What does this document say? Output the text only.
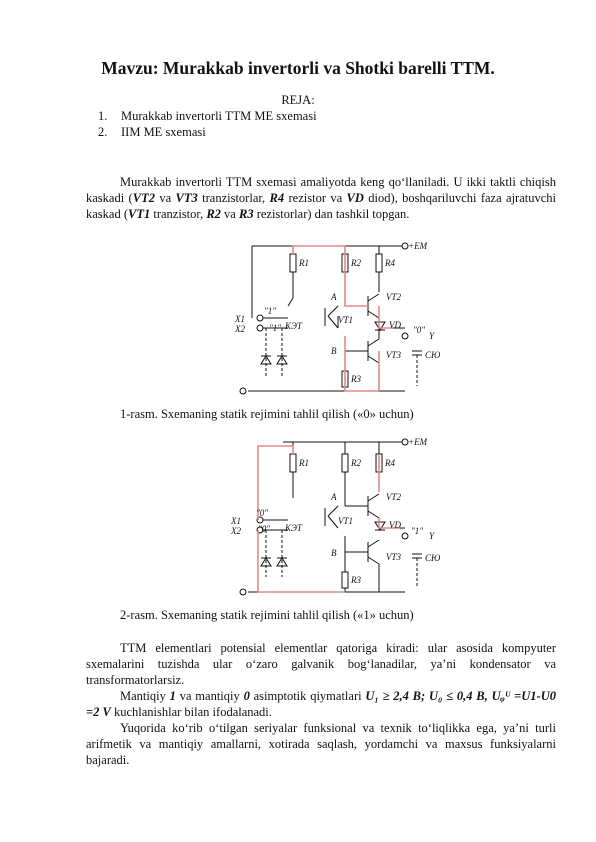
Mavzu: Murakkab invertorli va Shotki barelli TTM.
REJA:
1.	Murakkab invertorli TTM ME sxemasi
2.	IIM ME sxemasi
Murakkab invertorli TTM sxemasi amaliyotda keng qo‘llaniladi. U ikki taktli chiqish kaskadi (VT2 va VT3 tranzistorlar, R4 rezistor va VD diod), boshqariluvchi faza ajratuvchi kaskad (VT1 tranzistor, R2 va R3 rezistorlar) dan tashkil topgan.
+EМ
R1	R2	R4
A	VT2
VT1	VD
KЭТ
X1
X2
"1"
"1"	"0"
B	VT3	CЮ
Y
R3
1-rasm. Sxemaning statik rejimini tahlil qilish («0» uchun)
+EМ
R1	R2	R4
A	VT2
VT1	VD
KЭТ
X1
X2
"0"
"0"	"1"
B	VT3	CЮ
Y
R3
2-rasm. Sxemaning statik rejimini tahlil qilish («1» uchun)
TTM elementlari potensial elementlar qatoriga kiradi: ular asosida kompyuter sxemalarini tuzishda ular o‘zaro galvanik bog‘lanadilar, ya’ni kondensator va transformatorlarsiz.
Mantiqiy 1 va mantiqiy 0 asimptotik qiymatlari U₁ ≥ 2,4 B; U₀ ≤ 0,4 B, Uᵩᵁ =U1-U0 =2 V kuchlanishlar bilan ifodalanadi.
Yuqorida ko‘rib o‘tilgan seriyalar funksional va texnik to‘liqlikka ega, ya’ni turli arifmetik va mantiqiy amallarni, xotirada saqlash, yordamchi va maxsus funksiyalarni bajaradi.
